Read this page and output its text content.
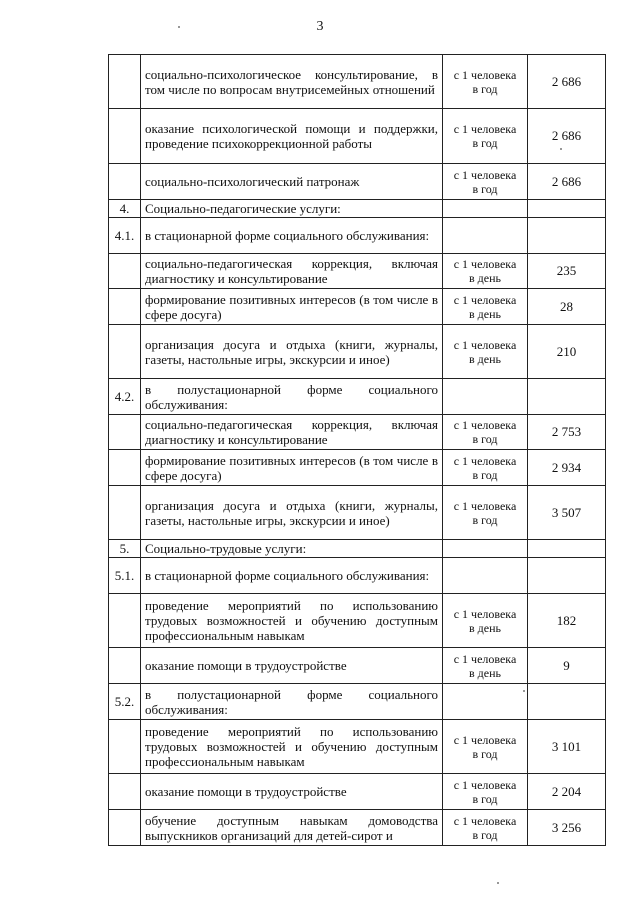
3
	социально-психологическое консультирование, в том числе по вопросам внутрисемейных отношений	с 1 человека
в год	2 686
	оказание психологической помощи и поддержки, проведение психокоррекционной работы	с 1 человека
в год	2 686
	социально-психологический патронаж	с 1 человека
в год	2 686
4.	Социально-педагогические услуги:		
4.1.	в стационарной форме социального обслуживания:		
	социально-педагогическая коррекция, включая диагностику и консультирование	с 1 человека
в день	235
	формирование позитивных интересов (в том числе в сфере досуга)	с 1 человека
в день	28
	организация досуга и отдыха (книги, журналы, газеты, настольные игры, экскурсии и иное)	с 1 человека
в день	210
4.2.	в полустационарной форме социального обслуживания:		
	социально-педагогическая коррекция, включая диагностику и консультирование	с 1 человека
в год	2 753
	формирование позитивных интересов (в том числе в сфере досуга)	с 1 человека
в год	2 934
	организация досуга и отдыха (книги, журналы, газеты, настольные игры, экскурсии и иное)	с 1 человека
в год	3 507
5.	Социально-трудовые услуги:		
5.1.	в стационарной форме социального обслуживания:		
	проведение мероприятий по использованию трудовых возможностей и обучению доступным профессиональным навыкам	с 1 человека
в день	182
	оказание помощи в трудоустройстве	с 1 человека
в день	9
5.2.	в полустационарной форме социального обслуживания:		
	проведение мероприятий по использованию трудовых возможностей и обучению доступным профессиональным навыкам	с 1 человека
в год	3 101
	оказание помощи в трудоустройстве	с 1 человека
в год	2 204
	обучение доступным навыкам домоводства выпускников организаций для детей-сирот и	с 1 человека
в год	3 256
